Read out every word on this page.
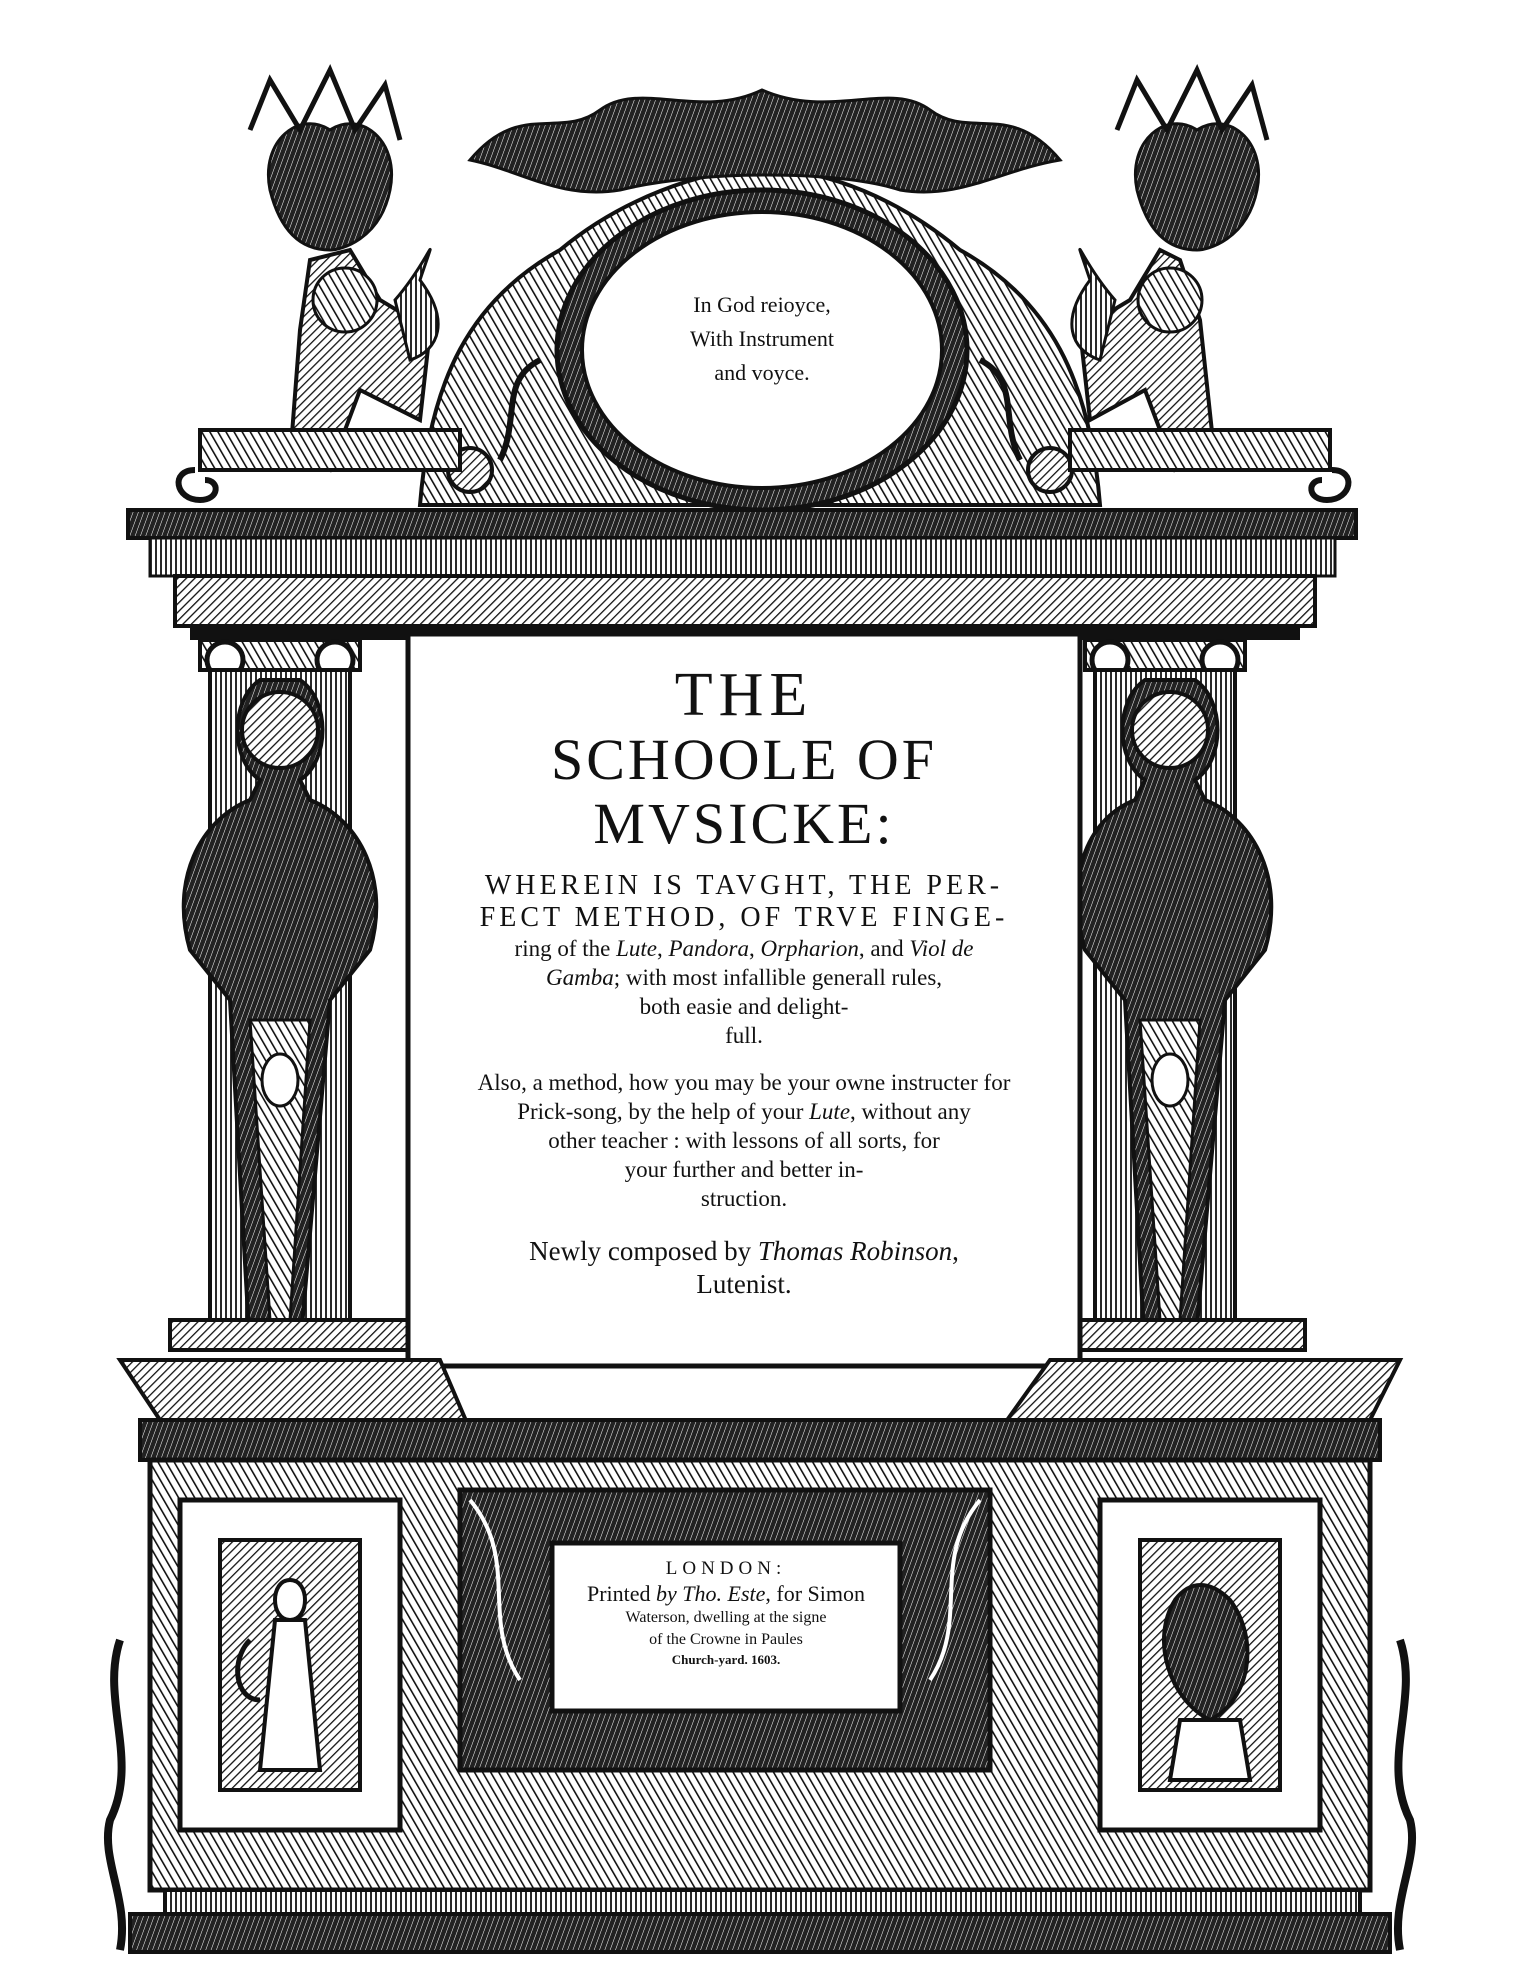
In God reioyce,
With Instrument
and voyce.
THE
SCHOOLE OF
MVSICKE:
WHEREIN IS TAVGHT, THE PER-
FECT METHOD, OF TRVE FINGE-
ring of the Lute, Pandora, Orpharion, and Viol de
Gamba; with most infallible generall rules,
both easie and delight-
full.
Also, a method, how you may be your owne instructer for
Prick-song, by the help of your Lute, without any
other teacher : with lessons of all sorts, for
your further and better in-
struction.
Newly composed by Thomas Robinson,
Lutenist.
LONDON:
Printed by Tho. Este, for Simon
Waterson, dwelling at the signe
of the Crowne in Paules
Church-yard. 1603.
